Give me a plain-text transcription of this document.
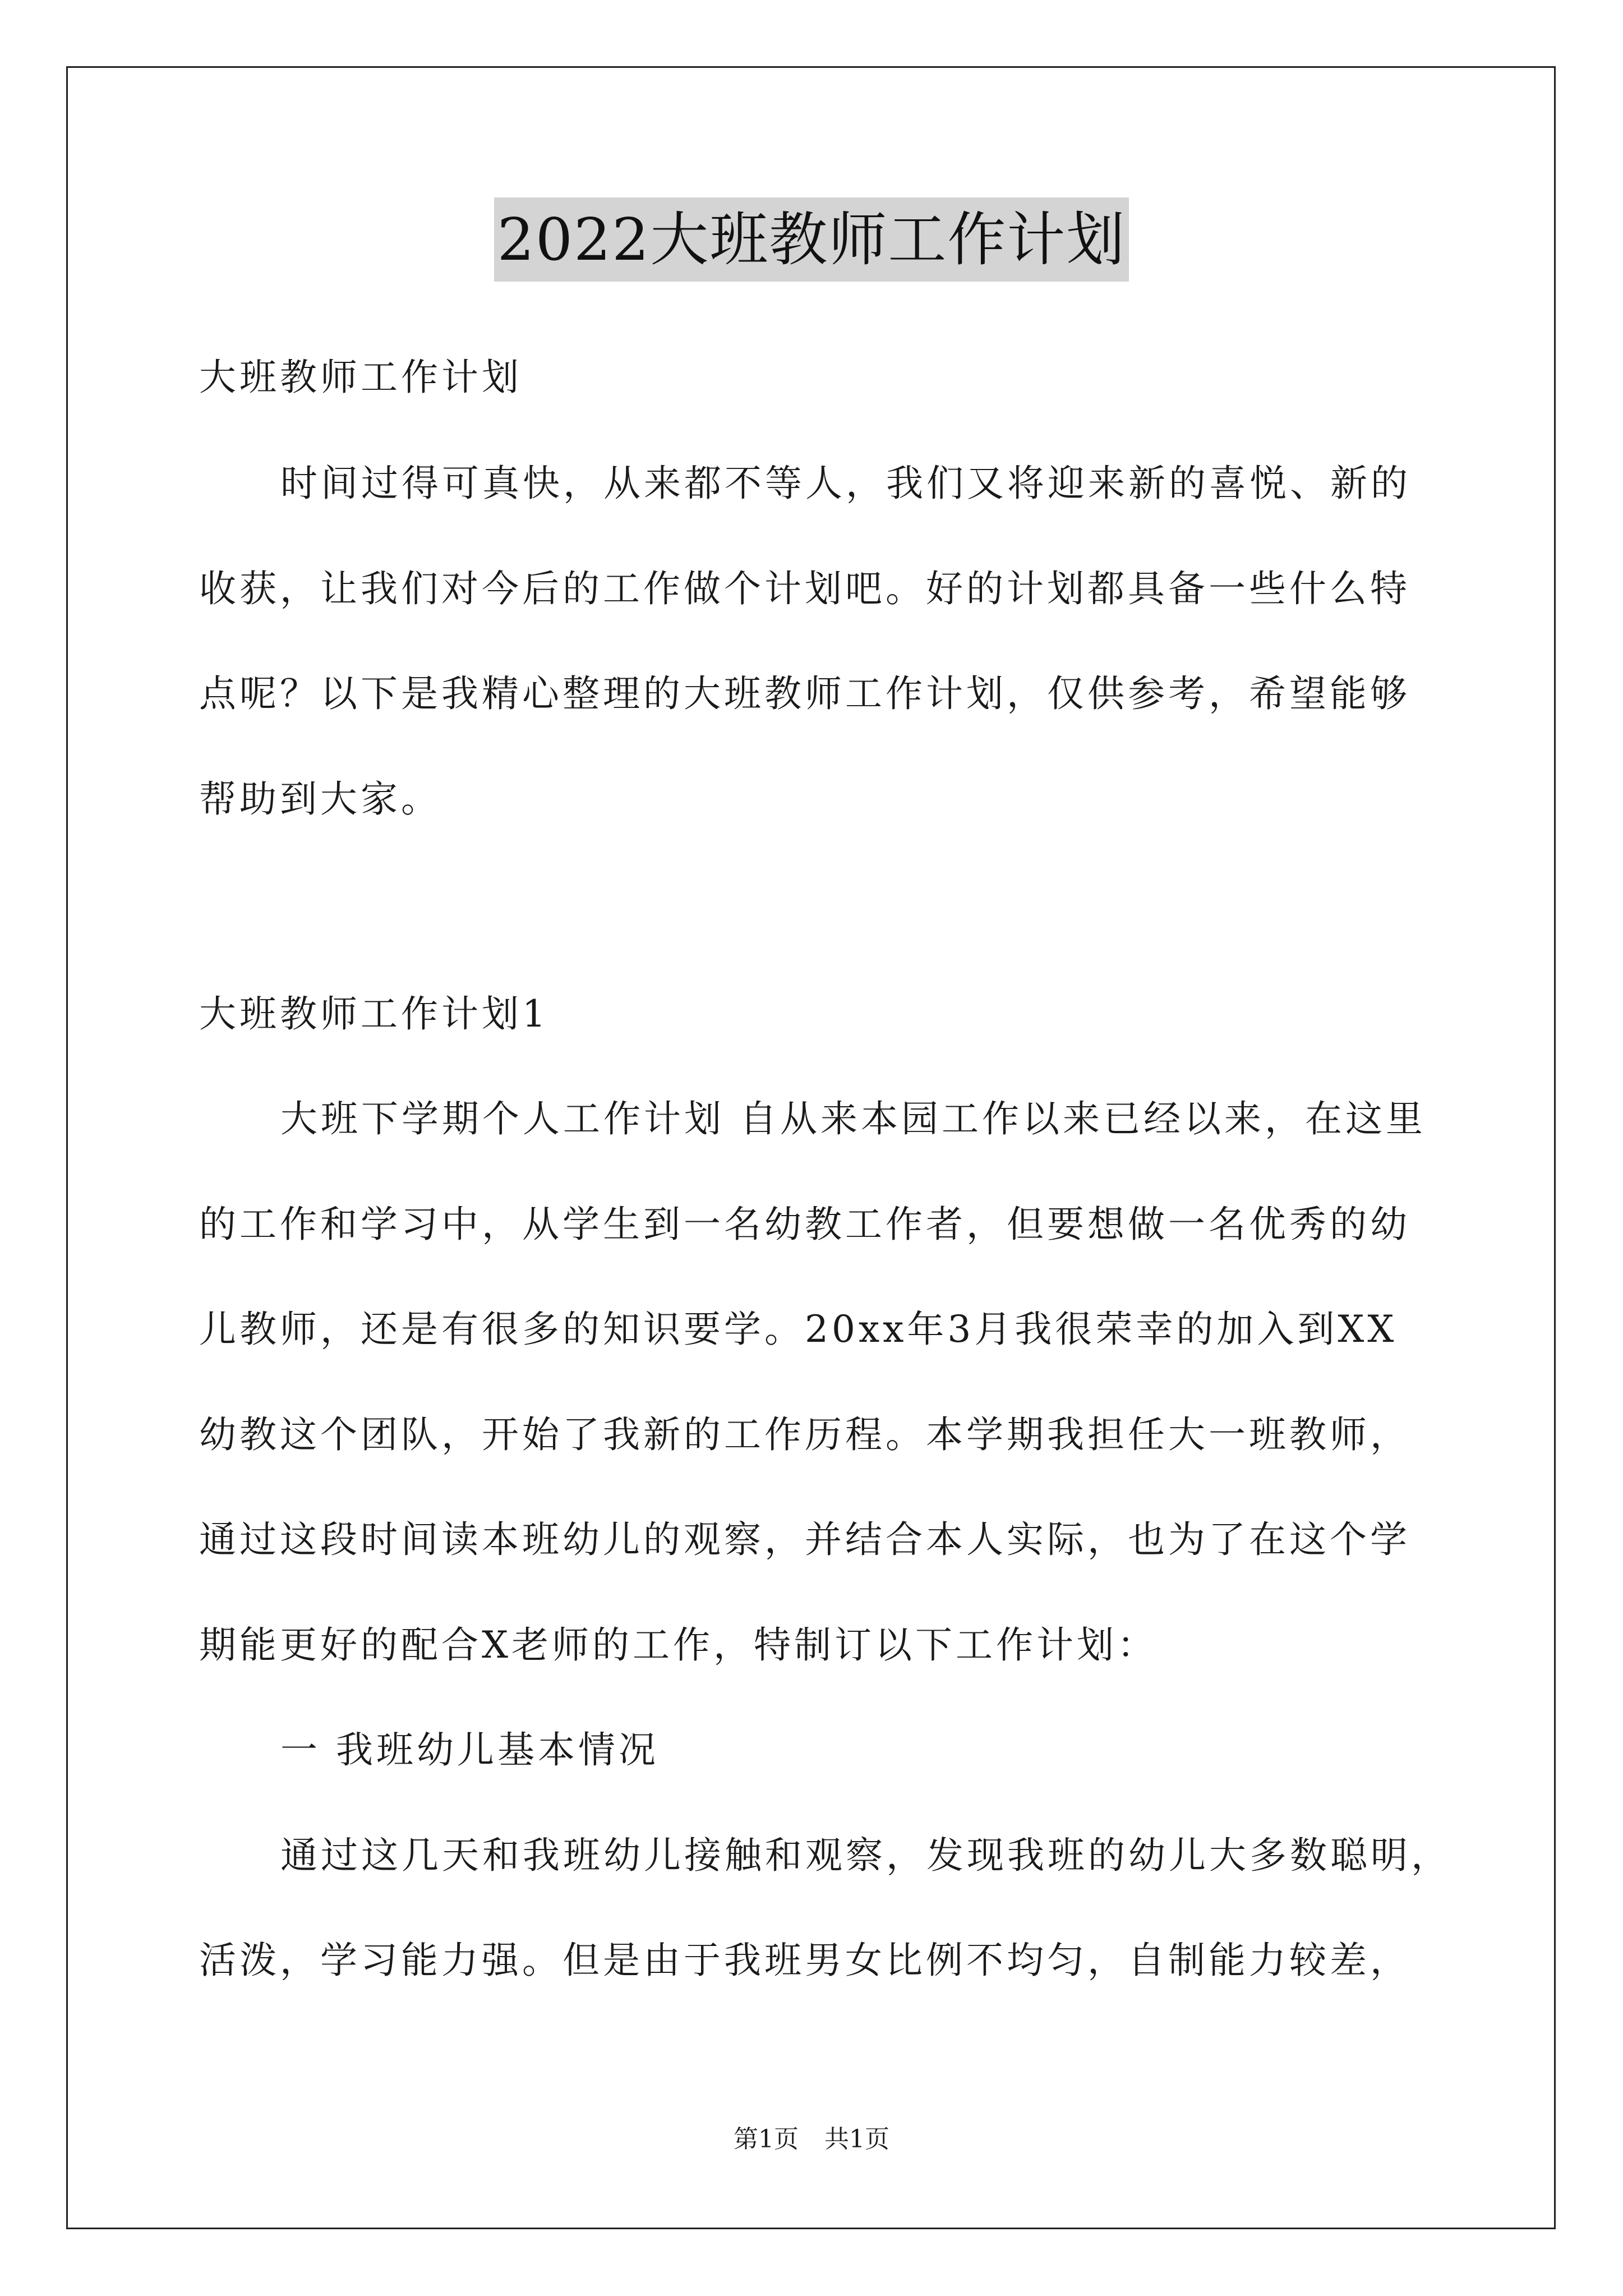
2022大班教师工作计划
大班教师工作计划
时间过得可真快，从来都不等人，我们又将迎来新的喜悦、新的
收获，让我们对今后的工作做个计划吧。好的计划都具备一些什么特
点呢？以下是我精心整理的大班教师工作计划，仅供参考，希望能够
帮助到大家。
大班教师工作计划1
大班下学期个人工作计划 自从来本园工作以来已经以来，在这里
的工作和学习中，从学生到一名幼教工作者，但要想做一名优秀的幼
儿教师，还是有很多的知识要学。20xx年3月我很荣幸的加入到XX
幼教这个团队，开始了我新的工作历程。本学期我担任大一班教师，
通过这段时间读本班幼儿的观察，并结合本人实际，也为了在这个学
期能更好的配合X老师的工作，特制订以下工作计划：
一 我班幼儿基本情况
通过这几天和我班幼儿接触和观察，发现我班的幼儿大多数聪明，
活泼，学习能力强。但是由于我班男女比例不均匀，自制能力较差，
第1页 共1页
